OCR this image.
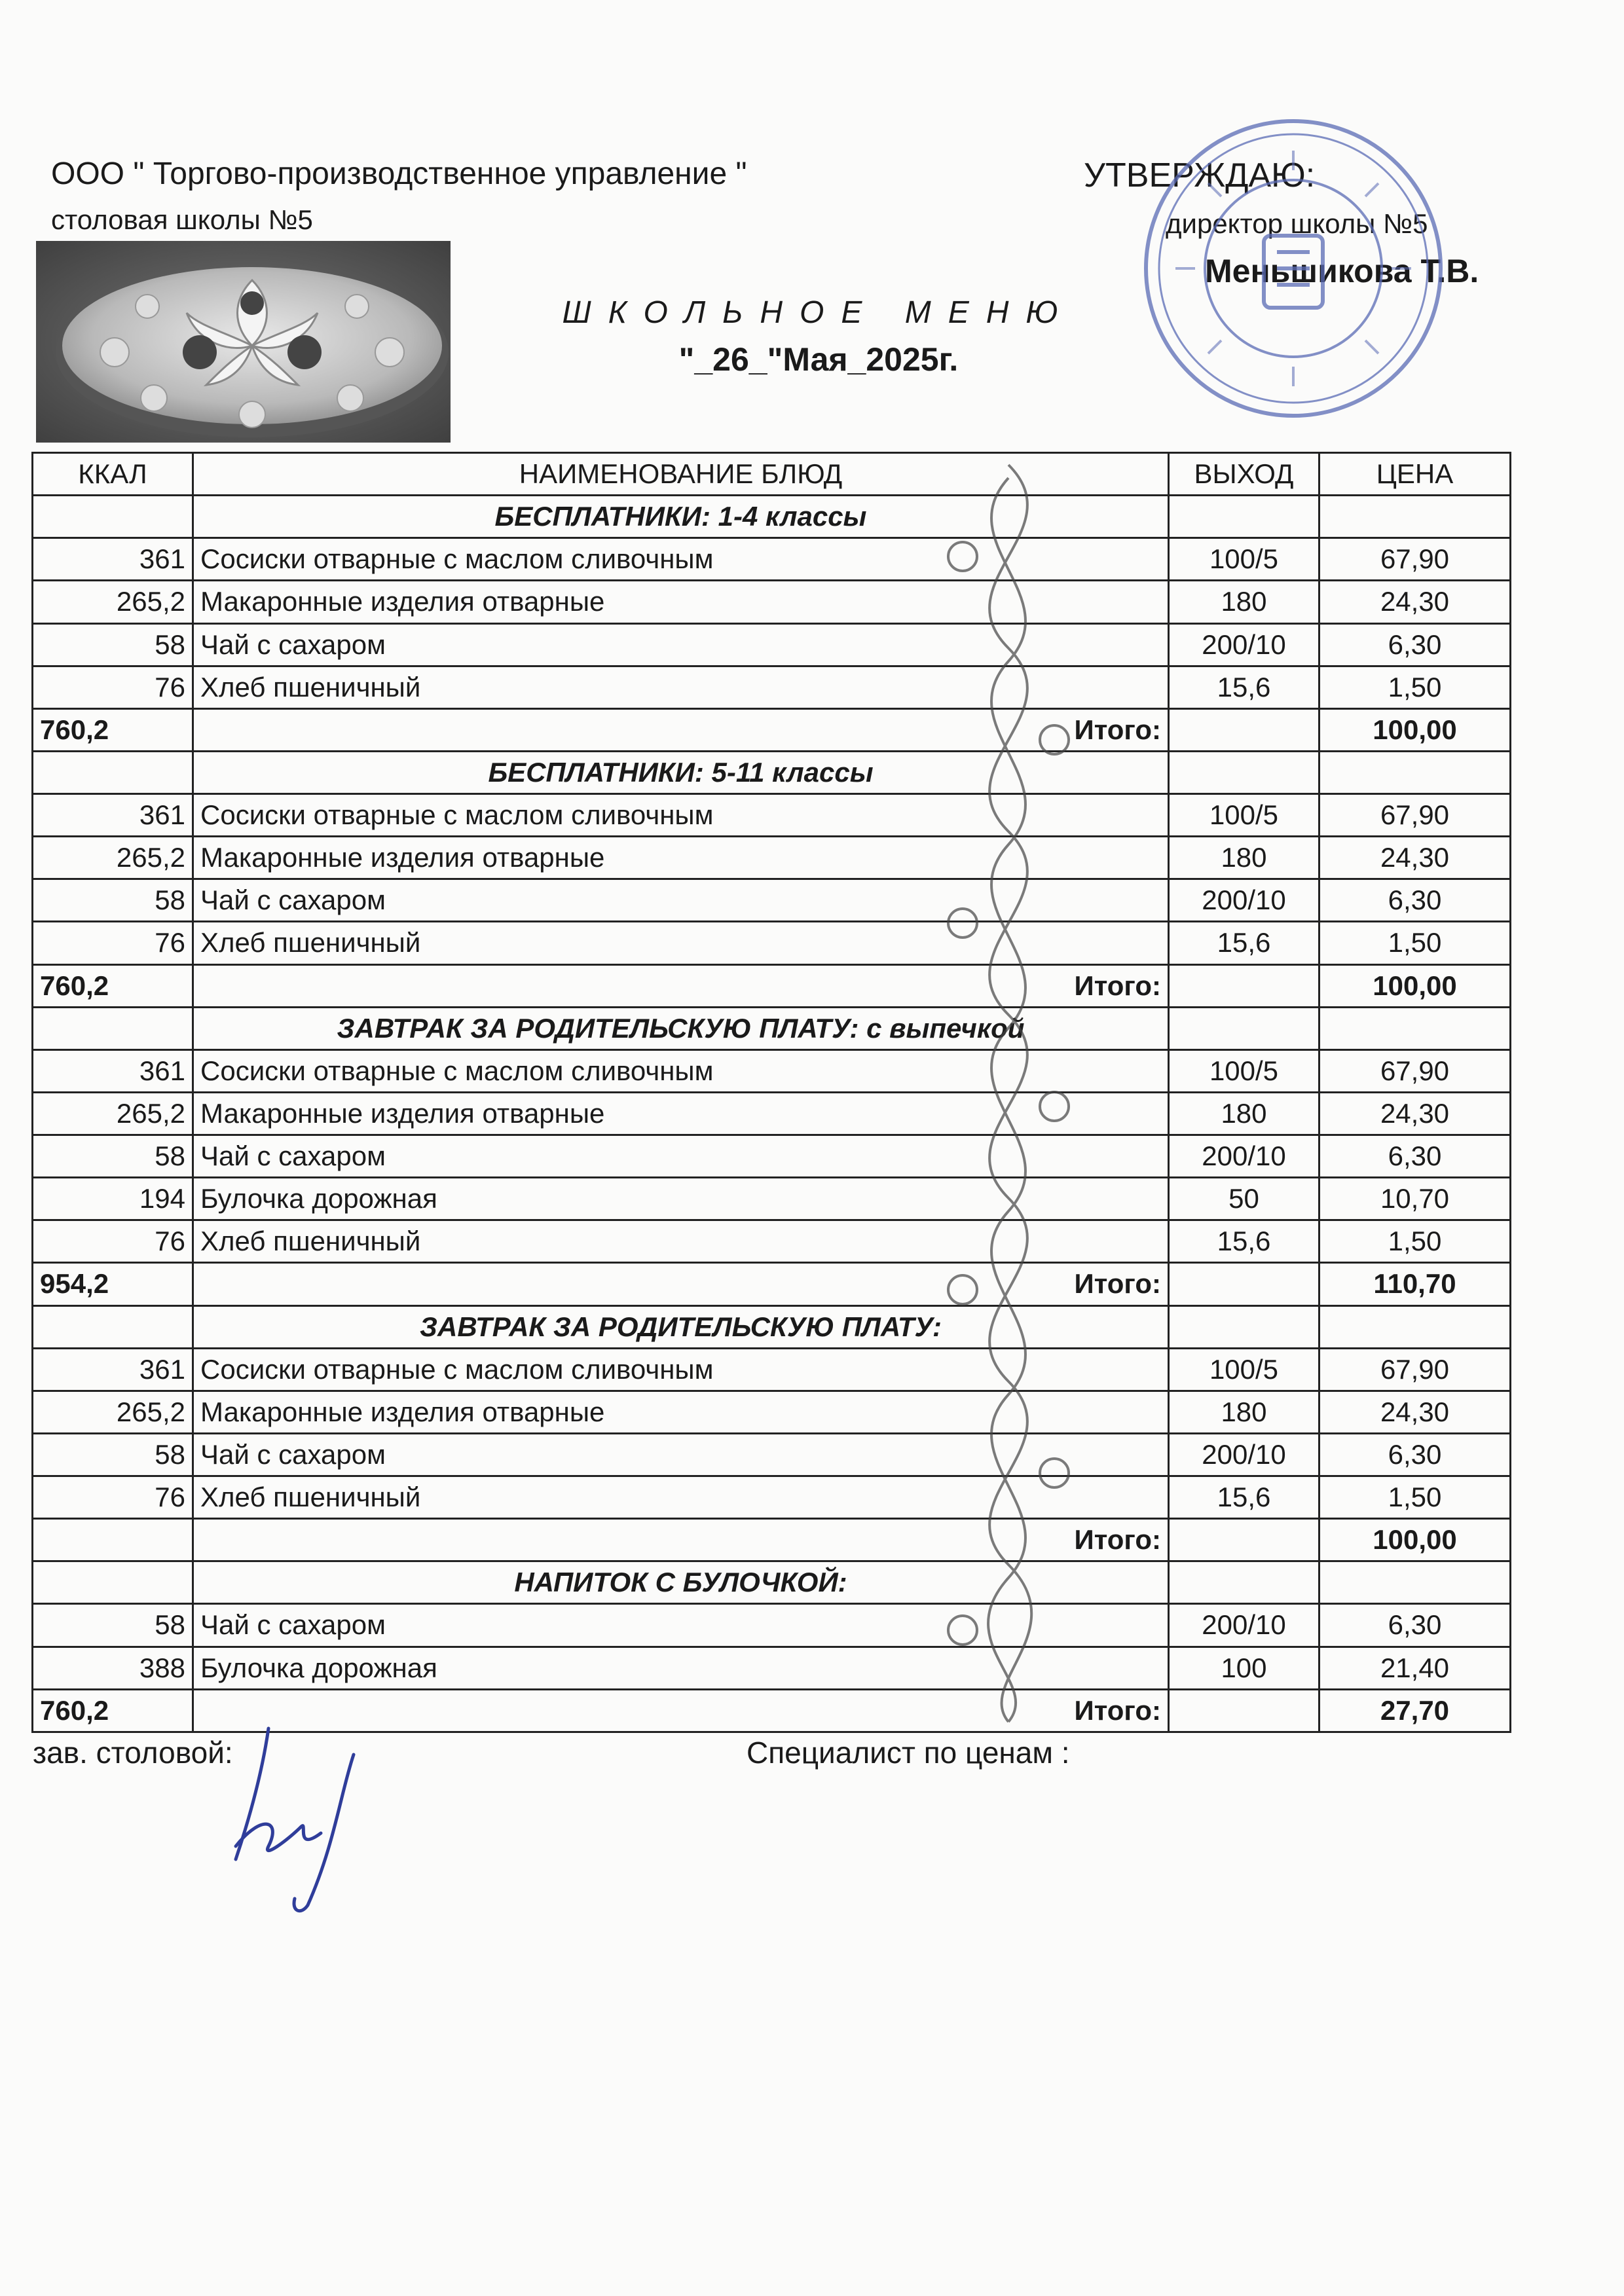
ООО " Торгово-производственное управление "
столовая школы №5
УТВЕРЖДАЮ:
директор школы №5
Меньшикова Т.В.
ШКОЛЬНОЕ МЕНЮ
"_26_"Мая_2025г.
ККАЛ	НАИМЕНОВАНИЕ БЛЮД	ВЫХОД	ЦЕНА
	БЕСПЛАТНИКИ: 1-4 классы		
361	Сосиски отварные с маслом сливочным	100/5	67,90
265,2	Макаронные изделия отварные	180	24,30
58	Чай с сахаром	200/10	6,30
76	Хлеб пшеничный	15,6	1,50
760,2	Итого:		100,00
	БЕСПЛАТНИКИ: 5-11 классы		
361	Сосиски отварные с маслом сливочным	100/5	67,90
265,2	Макаронные изделия отварные	180	24,30
58	Чай с сахаром	200/10	6,30
76	Хлеб пшеничный	15,6	1,50
760,2	Итого:		100,00
	ЗАВТРАК ЗА РОДИТЕЛЬСКУЮ ПЛАТУ: с выпечкой		
361	Сосиски отварные с маслом сливочным	100/5	67,90
265,2	Макаронные изделия отварные	180	24,30
58	Чай с сахаром	200/10	6,30
194	Булочка дорожная	50	10,70
76	Хлеб пшеничный	15,6	1,50
954,2	Итого:		110,70
	ЗАВТРАК ЗА РОДИТЕЛЬСКУЮ ПЛАТУ:		
361	Сосиски отварные с маслом сливочным	100/5	67,90
265,2	Макаронные изделия отварные	180	24,30
58	Чай с сахаром	200/10	6,30
76	Хлеб пшеничный	15,6	1,50
	Итого:		100,00
	НАПИТОК С БУЛОЧКОЙ:		
58	Чай с сахаром	200/10	6,30
388	Булочка дорожная	100	21,40
760,2	Итого:		27,70
зав. столовой:	Специалист по ценам :
